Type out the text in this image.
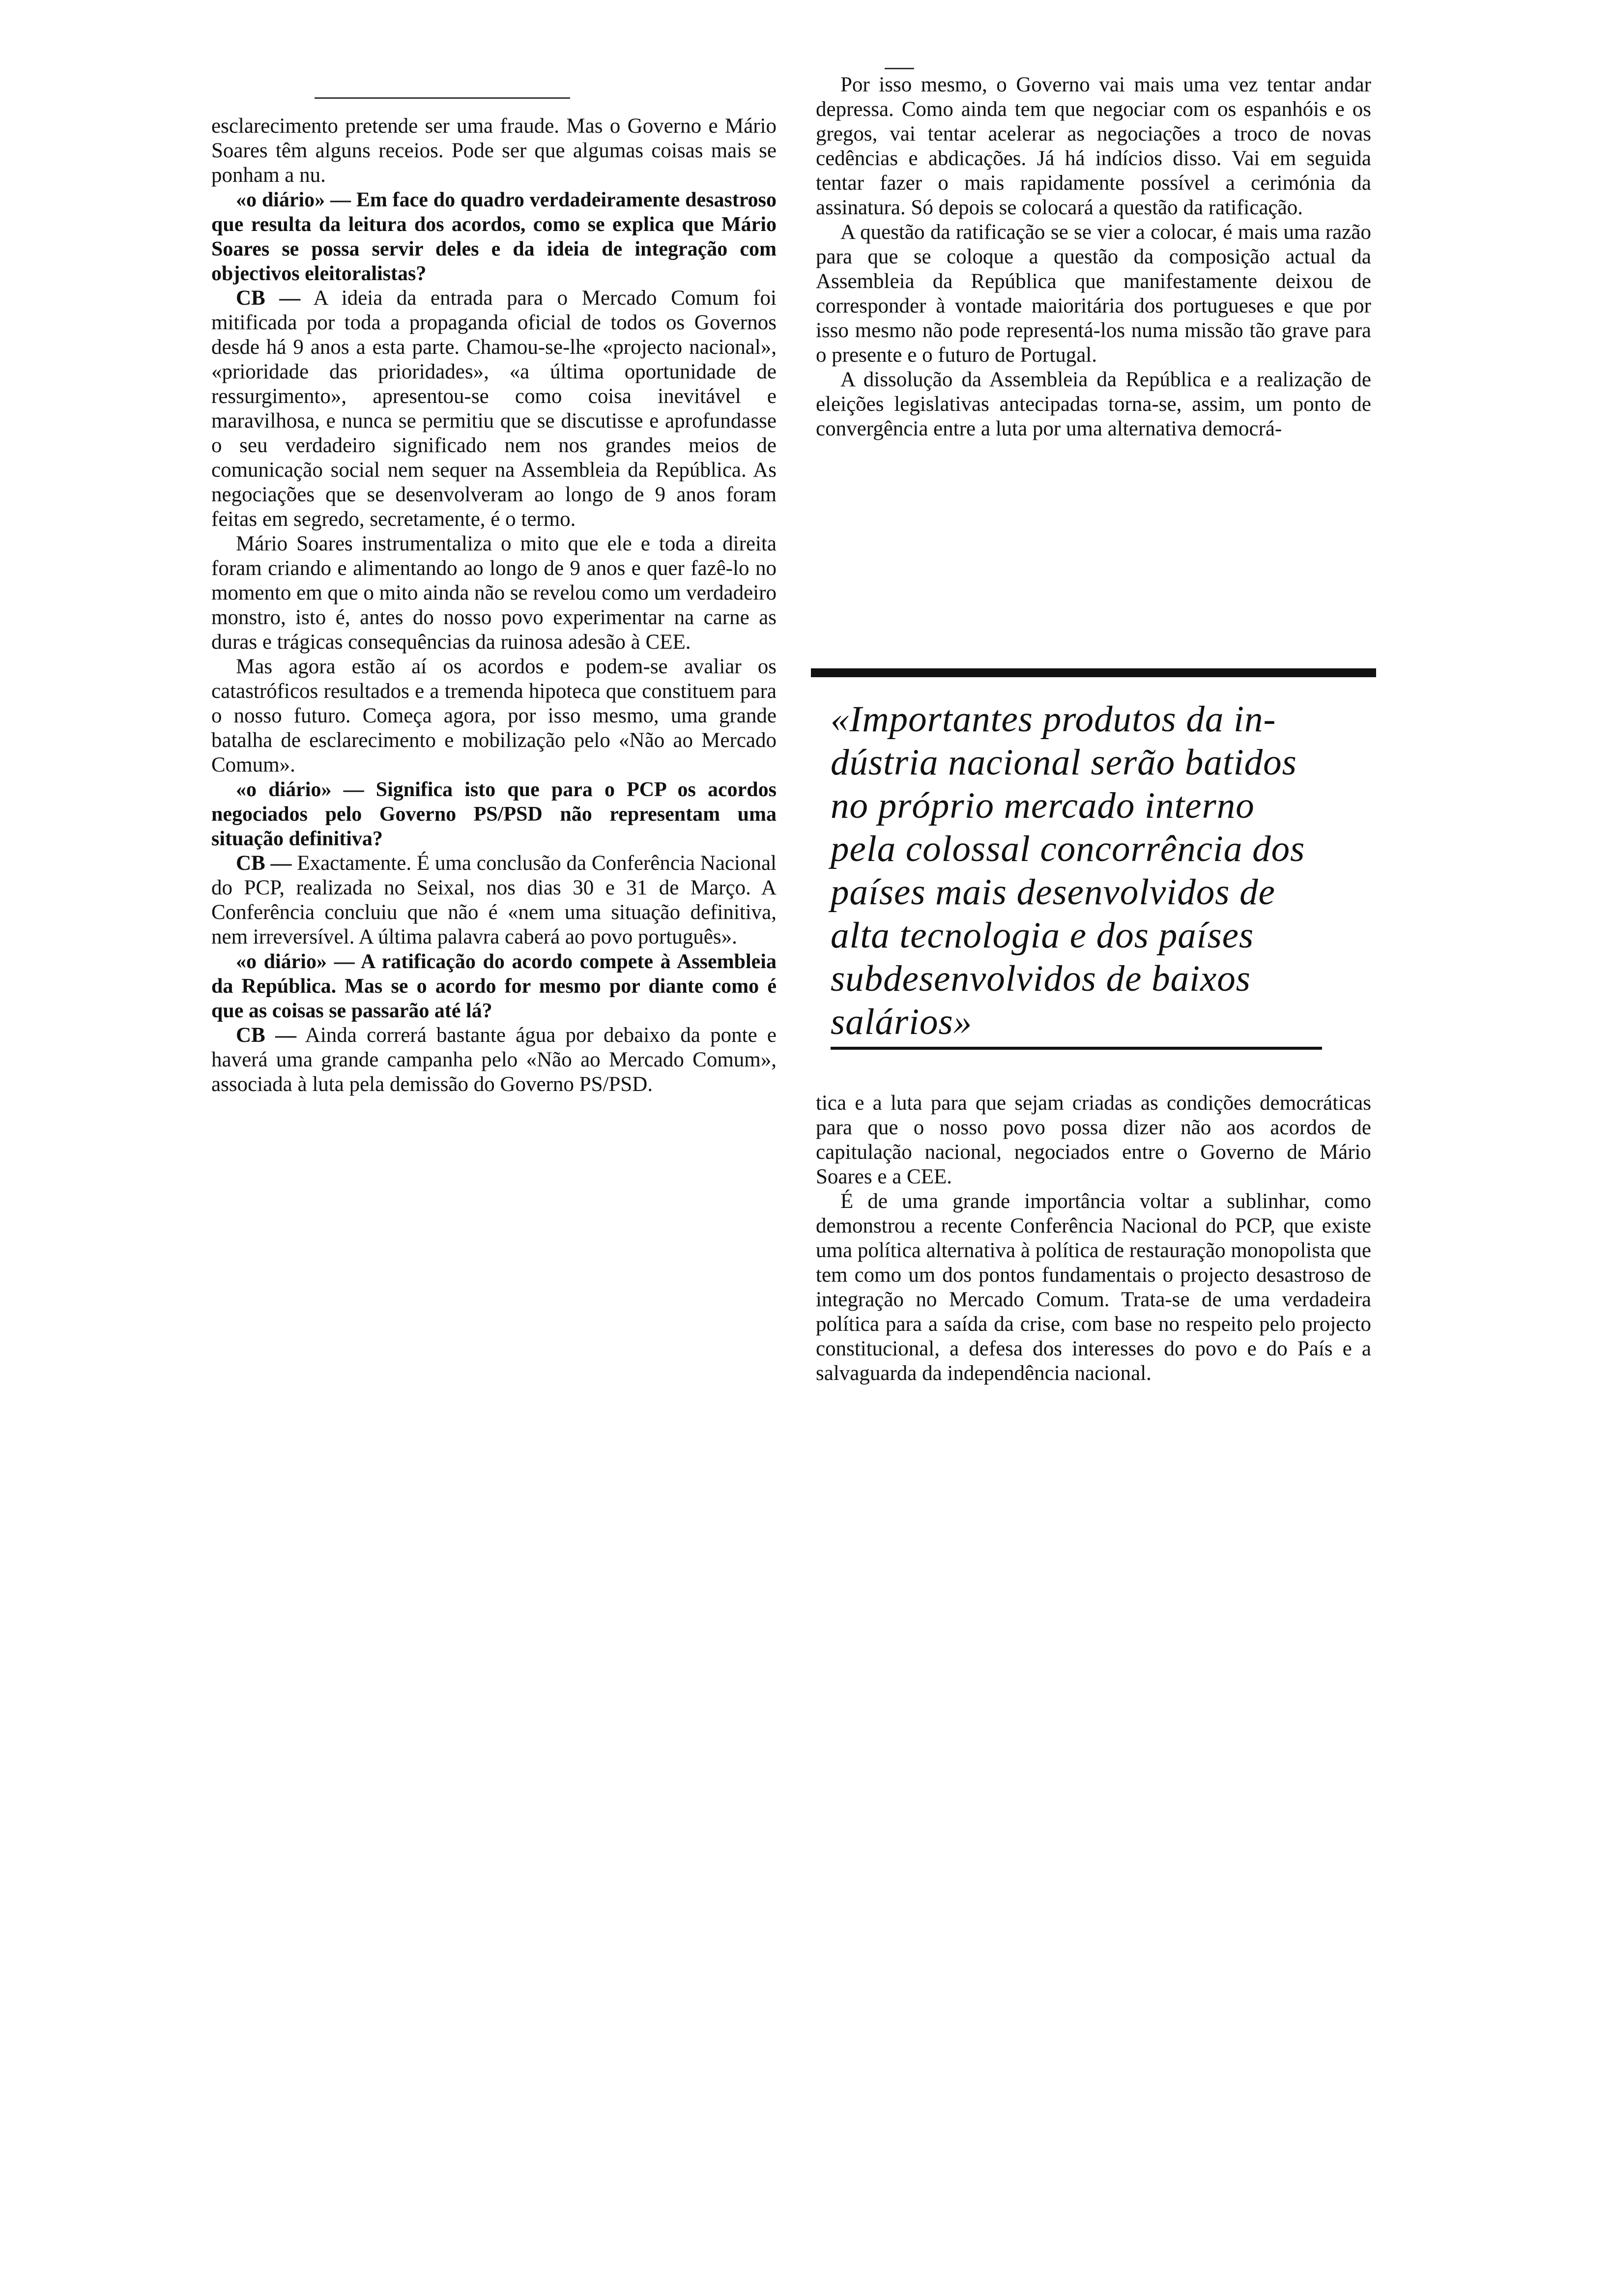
esclarecimento pretende ser uma fraude. Mas o Governo e Mário Soares têm alguns receios. Pode ser que algumas coisas mais se ponham a nu.

«o diário» — Em face do quadro verdadeiramente desastroso que resulta da leitura dos acordos, como se explica que Mário Soares se possa servir deles e da ideia de integração com objectivos eleitoralistas?

CB — A ideia da entrada para o Mercado Comum foi mitificada por toda a propaganda oficial de todos os Governos desde há 9 anos a esta parte. Chamou-se-lhe «projecto nacional», «prioridade das prioridades», «a última oportunidade de ressurgimento», apresentou-se como coisa inevitável e maravilhosa, e nunca se permitiu que se discutisse e aprofundasse o seu verdadeiro significado nem nos grandes meios de comunicação social nem sequer na Assembleia da República. As negociações que se desenvolveram ao longo de 9 anos foram feitas em segredo, secretamente, é o termo.

Mário Soares instrumentaliza o mito que ele e toda a direita foram criando e alimentando ao longo de 9 anos e quer fazê-lo no momento em que o mito ainda não se revelou como um verdadeiro monstro, isto é, antes do nosso povo experimentar na carne as duras e trágicas consequências da ruinosa adesão à CEE.

Mas agora estão aí os acordos e podem-se avaliar os catastróficos resultados e a tremenda hipoteca que constituem para o nosso futuro. Começa agora, por isso mesmo, uma grande batalha de esclarecimento e mobilização pelo «Não ao Mercado Comum».

«o diário» — Significa isto que para o PCP os acordos negociados pelo Governo PS/PSD não representam uma situação definitiva?

CB — Exactamente. É uma conclusão da Conferência Nacional do PCP, realizada no Seixal, nos dias 30 e 31 de Março. A Conferência concluiu que não é «nem uma situação definitiva, nem irreversível. A última palavra caberá ao povo português».

«o diário» — A ratificação do acordo compete à Assembleia da República. Mas se o acordo for mesmo por diante como é que as coisas se passarão até lá?

CB — Ainda correrá bastante água por debaixo da ponte e haverá uma grande campanha pelo «Não ao Mercado Comum», associada à luta pela demissão do Governo PS/PSD.

Por isso mesmo, o Governo vai mais uma vez tentar andar depressa. Como ainda tem que negociar com os espanhóis e os gregos, vai tentar acelerar as negociações a troco de novas cedências e abdicações. Já há indícios disso. Vai em seguida tentar fazer o mais rapidamente possível a cerimónia da assinatura. Só depois se colocará a questão da ratificação.

A questão da ratificação se se vier a colocar, é mais uma razão para que se coloque a questão da composição actual da Assembleia da República que manifestamente deixou de corresponder à vontade maioritária dos portugueses e que por isso mesmo não pode representá-los numa missão tão grave para o presente e o futuro de Portugal.

A dissolução da Assembleia da República e a realização de eleições legislativas antecipadas torna-se, assim, um ponto de convergência entre a luta por uma alternativa democrá-

«Importantes produtos da in-
dústria nacional serão batidos
no próprio mercado interno
pela colossal concorrência dos
países mais desenvolvidos de
alta tecnologia e dos países
subdesenvolvidos de baixos
salários»

tica e a luta para que sejam criadas as condições democráticas para que o nosso povo possa dizer não aos acordos de capitulação nacional, negociados entre o Governo de Mário Soares e a CEE.

É de uma grande importância voltar a sublinhar, como demonstrou a recente Conferência Nacional do PCP, que existe uma política alternativa à política de restauração monopolista que tem como um dos pontos fundamentais o projecto desastroso de integração no Mercado Comum. Trata-se de uma verdadeira política para a saída da crise, com base no respeito pelo projecto constitucional, a defesa dos interesses do povo e do País e a salvaguarda da independência nacional.
